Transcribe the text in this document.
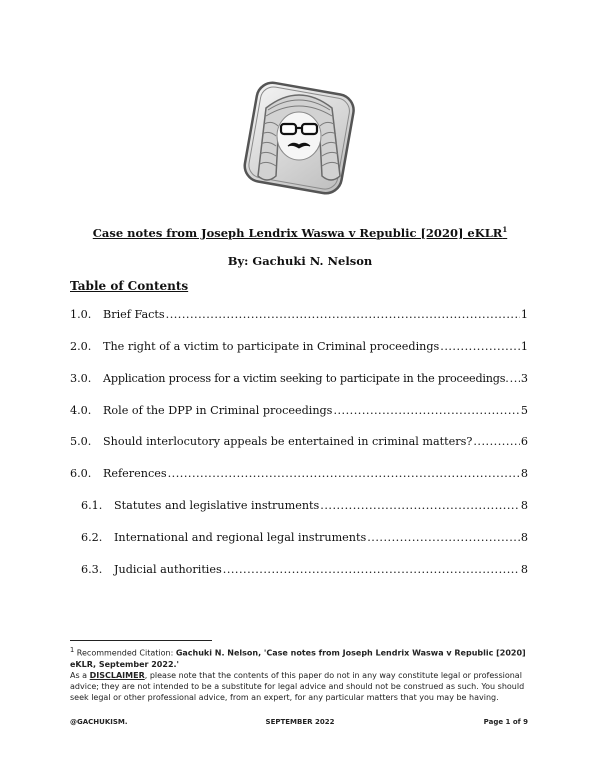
Case notes from Joseph Lendrix Waswa v Republic [2020] eKLR$^1$
By: Gachuki N. Nelson
Table of Contents
1.0.	Brief Facts .....	1
2.0.	The right of a victim to participate in Criminal proceedings .....	1
3.0.	Application process for a victim seeking to participate in the proceedings. ..... 3
4.0.	Role of the DPP in Criminal proceedings .....	5
5.0.	Should interlocutory appeals be entertained in criminal matters? .....	6
6.0.	References .....	8
6.1.	Statutes and legislative instruments .....	8
6.2.	International and regional legal instruments .....	8
6.3.	Judicial authorities .....	8
$^1$ Recommended Citation: Gachuki N. Nelson, 'Case notes from Joseph Lendrix Waswa v Republic [2020] eKLR, September 2022.'
As a DISCLAIMER, please note that the contents of this paper do not in any way constitute legal or professional advice; they are not intended to be a substitute for legal advice and should not be construed as such. You should seek legal or other professional advice, from an expert, for any particular matters that you may be having.
@GACHUKISM.	SEPTEMBER 2022	Page 1 of 9
